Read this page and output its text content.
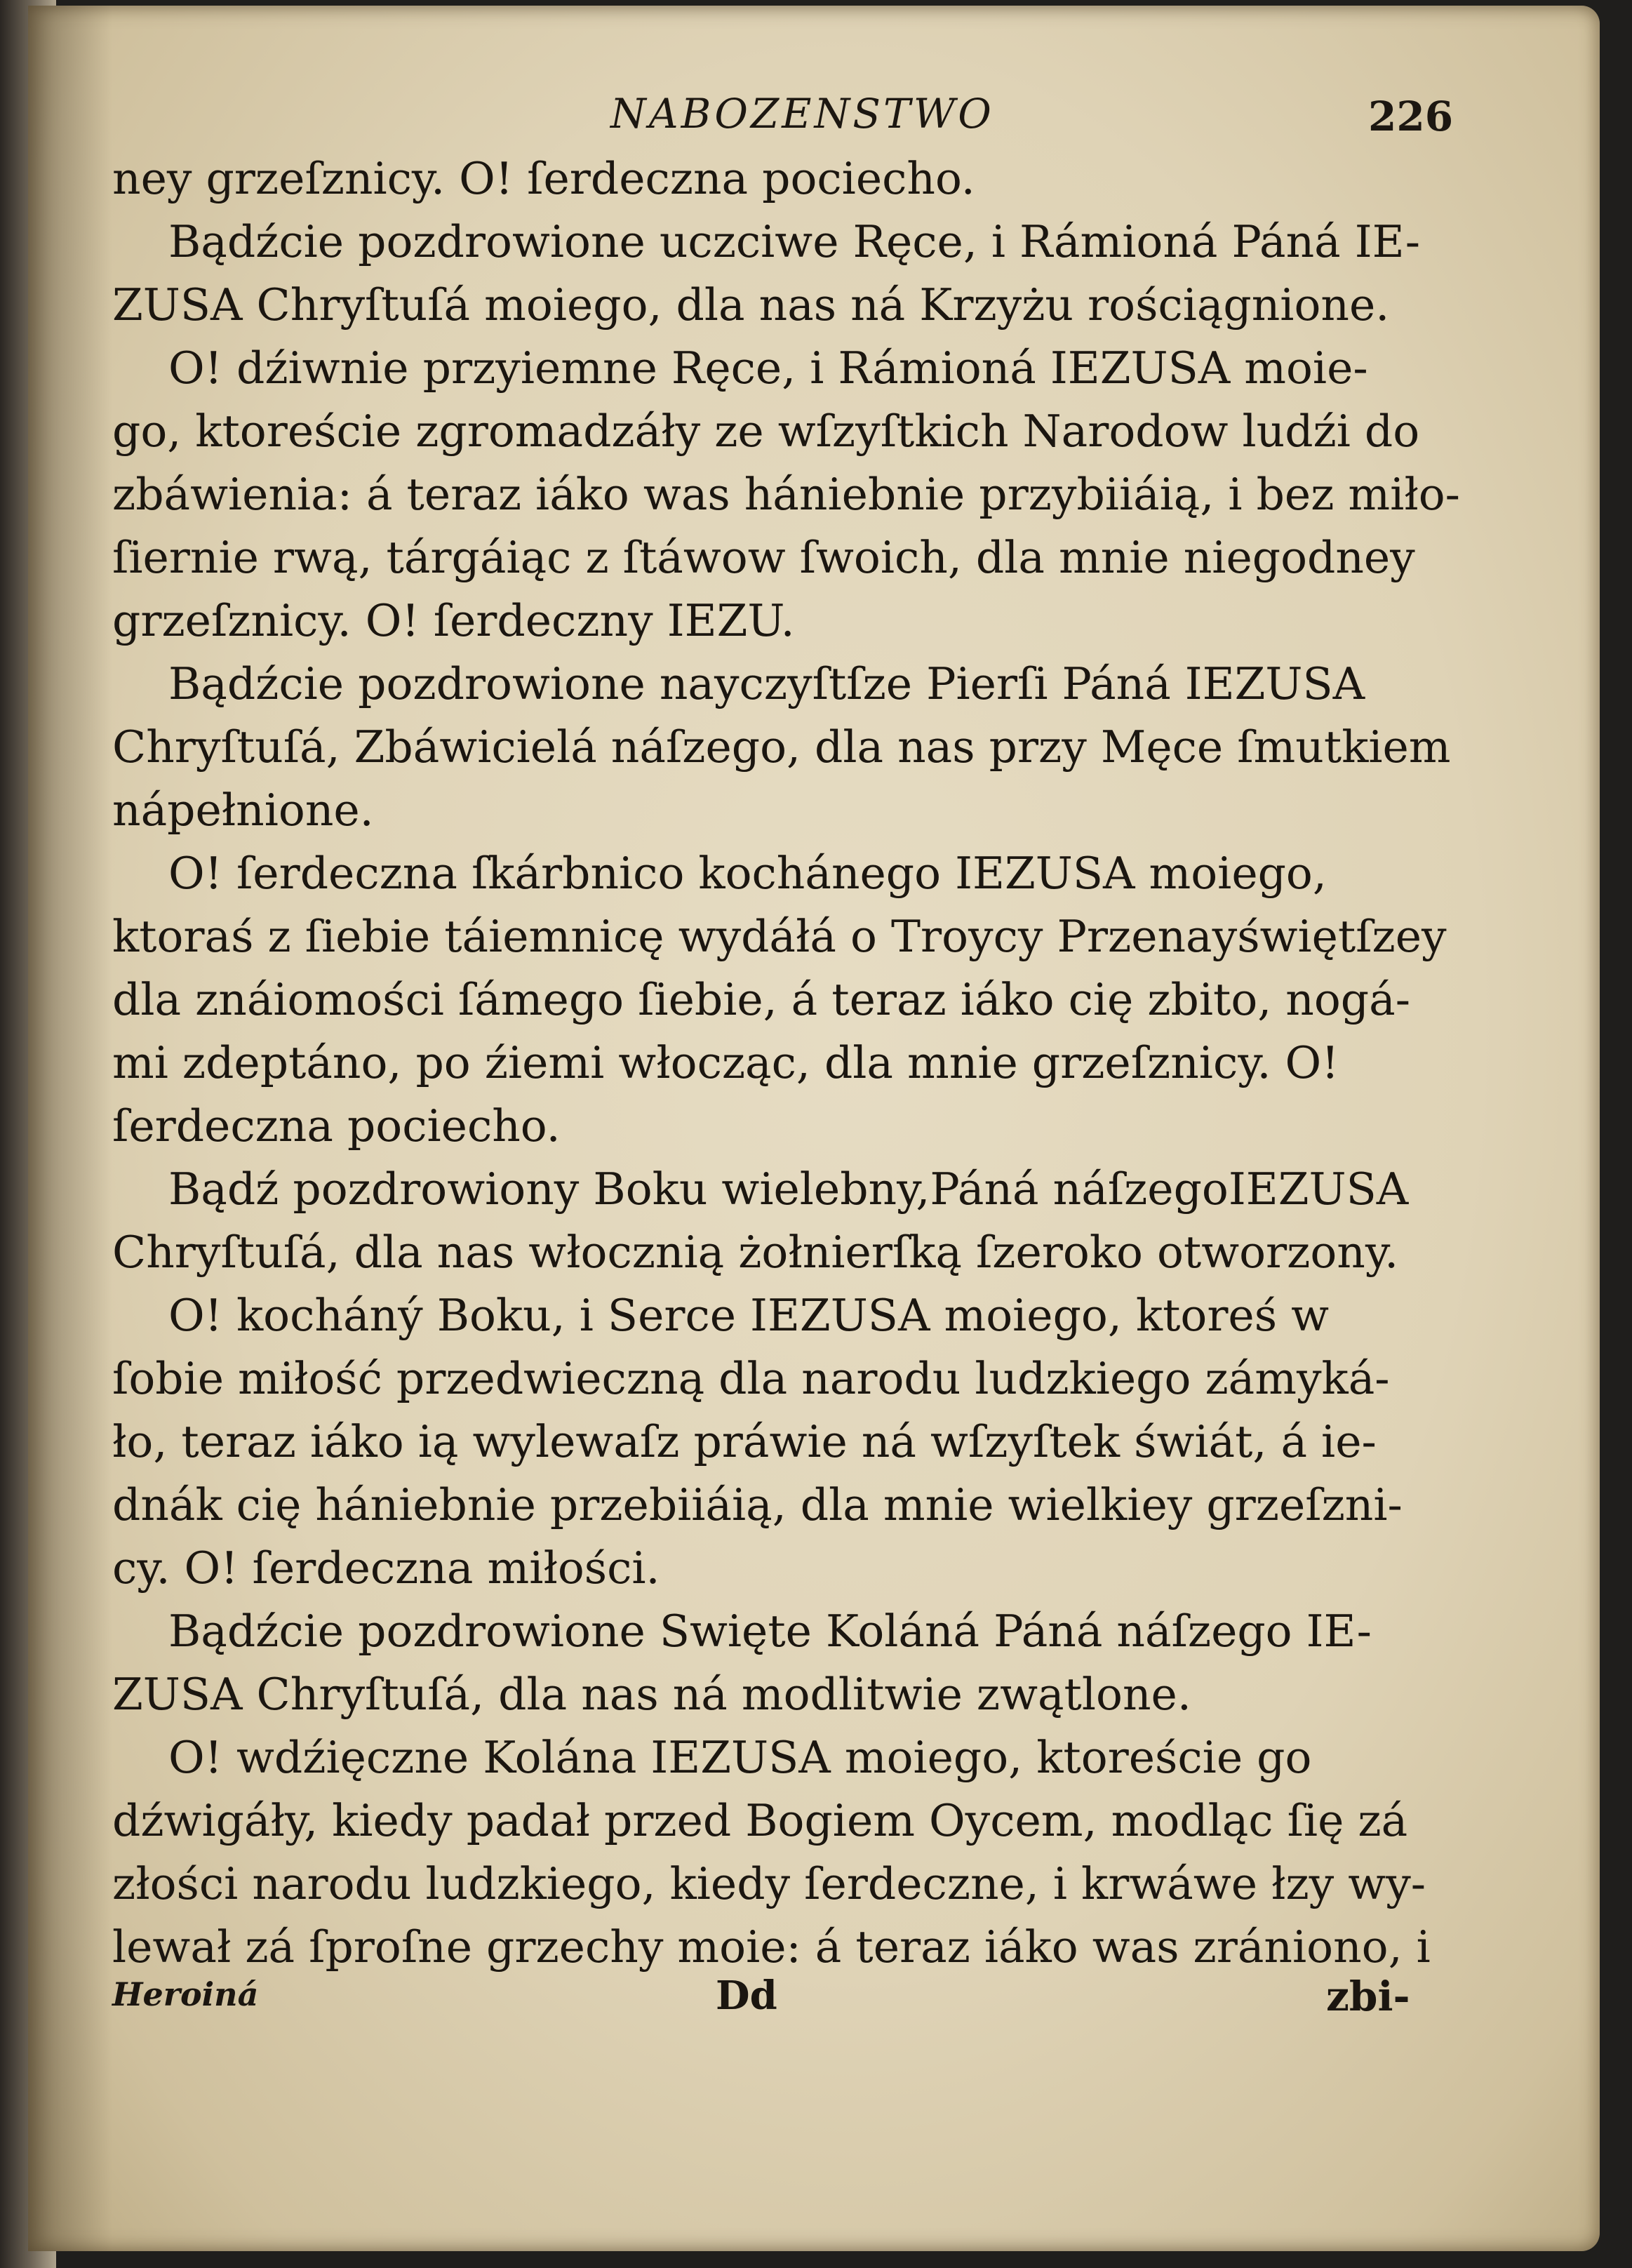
NABOZENSTWO	226
ney grzeſznicy. O! ſerdeczna pociecho.
Bądźcie pozdrowione uczciwe Ręce, i Rámioná Páná IE-
ZUSA Chryſtuſá moiego, dla nas ná Krzyżu rościągnione.
O! dźiwnie przyiemne Ręce, i Rámioná IEZUSA moie-
go, ktoreście zgromadzáły ze wſzyſtkich Narodow ludźi do
zbáwienia: á teraz iáko was hániebnie przybiiáią, i bez miło-
ſiernie rwą, tárgáiąc z ſtáwow ſwoich, dla mnie niegodney
grzeſznicy. O! ſerdeczny IEZU.
Bądźcie pozdrowione nayczyſtſze Pierſi Páná IEZUSA
Chryſtuſá, Zbáwicielá náſzego, dla nas przy Męce ſmutkiem
nápełnione.
O! ſerdeczna ſkárbnico kochánego IEZUSA moiego,
ktoraś z ſiebie táiemnicę wydáłá o Troycy Przenayświętſzey
dla znáiomości ſámego ſiebie, á teraz iáko cię zbito, nogá-
mi zdeptáno, po źiemi włocząc, dla mnie grzeſznicy. O!
ſerdeczna pociecho.
Bądź pozdrowiony Boku wielebny,Páná náſzegoIEZUSA
Chryſtuſá, dla nas włocznią żołnierſką ſzeroko otworzony.
O! kocháný Boku, i Serce IEZUSA moiego, ktoreś w
ſobie miłość przedwieczną dla narodu ludzkiego zámyká-
ło, teraz iáko ią wylewaſz práwie ná wſzyſtek świát, á ie-
dnák cię hániebnie przebiiáią, dla mnie wielkiey grzeſzni-
cy. O! ſerdeczna miłości.
Bądźcie pozdrowione Swięte Koláná Páná náſzego IE-
ZUSA Chryſtuſá, dla nas ná modlitwie zwątlone.
O! wdźięczne Kolána IEZUSA moiego, ktoreście go
dźwigáły, kiedy padał przed Bogiem Oycem, modląc ſię zá
złości narodu ludzkiego, kiedy ſerdeczne, i krwáwe łzy wy-
lewał zá ſproſne grzechy moie: á teraz iáko was zrániono, i
Heroiná	Dd	zbi-
